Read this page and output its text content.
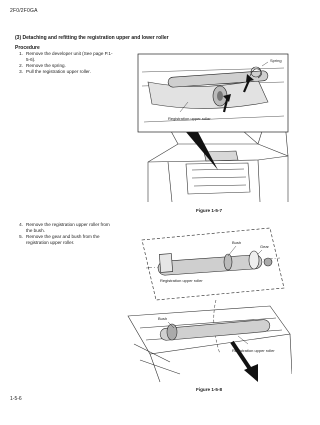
2F0/2F0GA
(3) Detaching and refitting the registration upper and lower roller
Procedure
1. Remove the developer unit (See page P.1-5-6).
2. Remove the spring.
3. Pull the registration upper roller.
Spring
Registration upper roller
Figure 1-5-7
4. Remove the registration upper roller from the bush.
5. Remove the gear and bush from the registration upper roller.	Bush
Gear
Registration upper roller
Bush
Registration upper roller
Figure 1-5-8
1-5-6
